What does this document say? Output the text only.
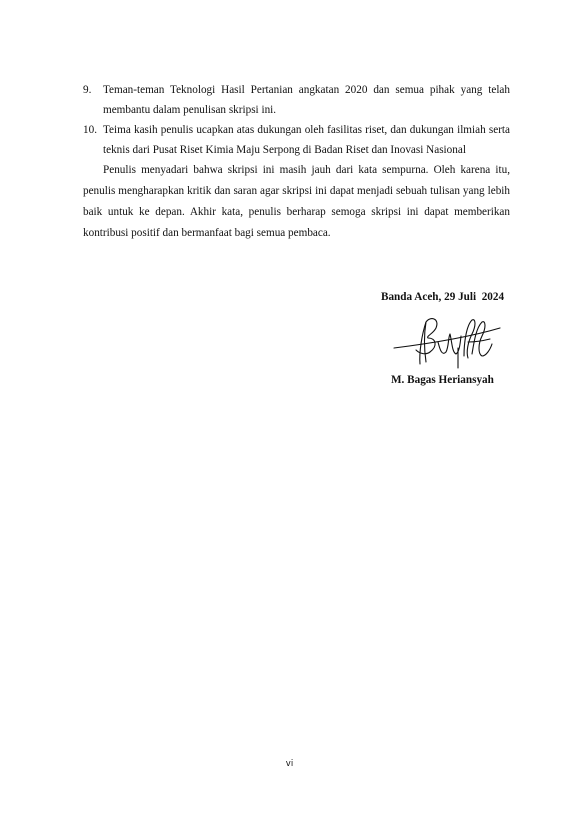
9. Teman-teman Teknologi Hasil Pertanian angkatan 2020 dan semua pihak yang telah membantu dalam penulisan skripsi ini.
10. Teima kasih penulis ucapkan atas dukungan oleh fasilitas riset, dan dukungan ilmiah serta teknis dari Pusat Riset Kimia Maju Serpong di Badan Riset dan Inovasi Nasional
Penulis menyadari bahwa skripsi ini masih jauh dari kata sempurna. Oleh karena itu, penulis mengharapkan kritik dan saran agar skripsi ini dapat menjadi sebuah tulisan yang lebih baik untuk ke depan. Akhir kata, penulis berharap semoga skripsi ini dapat memberikan kontribusi positif dan bermanfaat bagi semua pembaca.
Banda Aceh, 29 Juli  2024
M. Bagas Heriansyah
vi
